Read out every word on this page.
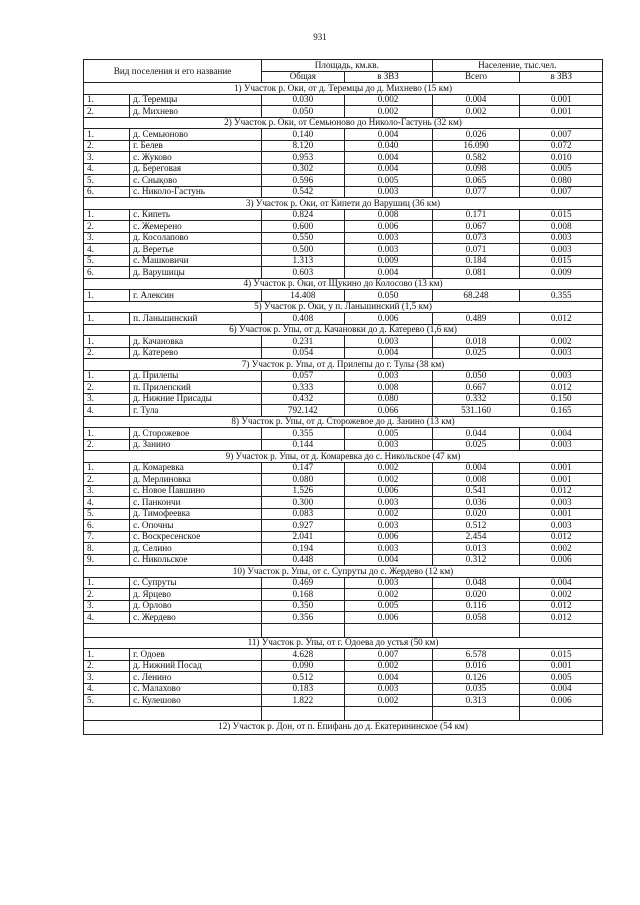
931
Вид поселения и его название		Площадь, км.кв.		Население, тыс.чел.	
		Общая	в ЗВЗ	Всего	в ЗВЗ
1) Участок р. Оки, от д. Теремцы до д. Михнево (15 км)					
1.	д. Теремцы	0.030	0.002	0.004	0.001
2.	д. Михнево	0.050	0.002	0.002	0.001
2) Участок р. Оки, от Семьюново до Николо-Гастунь (32 км)					
1.	д. Семьюново	0.140	0.004	0.026	0.007
2.	г. Белев	8.120	0.040	16.090	0.072
3.	с. Жуково	0.953	0.004	0.582	0.010
4.	д. Береговая	0.302	0.004	0.098	0.005
5.	с. Снықово	0.596	0.005	0.065	0.080
6.	с. Николо-Гастунь	0.542	0.003	0.077	0.007
3) Участок р. Оки, от Кипети до Варушиц (36 км)					
1.	с. Кипеть	0.824	0.008	0.171	0.015
2.	с. Жемерено	0.600	0.006	0.067	0.008
3.	д. Косолапово	0.550	0.003	0.073	0.003
4.	д. Веретье	0.500	0.003	0.071	0.003
5.	с. Машковичи	1.313	0.009	0.184	0.015
6.	д. Варушицы	0.603	0.004	0.081	0.009
4) Участок р. Оки, от Щукино до Колосово (13 км)					
1.	г. Алексин	14.408	0.050	68.248	0.355
5) Участок р. Оки, у п. Ланьшинский (1,5 км)					
1.	п. Ланьшинский	0.408	0.006	0.489	0.012
6) Участок р. Упы, от д. Качановки до д. Катерево (1,6 км)					
1.	д. Качановка	0.231	0.003	0.018	0.002
2.	д. Катерево	0.054	0.004	0.025	0.003
7) Участок р. Упы, от д. Прилепы до г. Тулы (38 км)					
1.	д. Прилепы	0.057	0.003	0.050	0.003
2.	п. Прилепский	0.333	0.008	0.667	0.012
3.	д. Нижние Присады	0.432	0.080	0.332	0.150
4.	г. Тула	792.142	0.066	531.160	0.165
8) Участок р. Упы, от д. Сторожевое до д. Занино (13 км)					
1.	д. Сторожевое	0.355	0.005	0.044	0.004
2.	д. Занино	0.144	0.003	0.025	0.003
9) Участок р. Упы, от д. Комаревка до с. Никольское (47 км)					
1.	д. Комаревка	0.147	0.002	0.004	0.001
2.	д. Мерлиновка	0.080	0.002	0.008	0.001
3.	с. Новое Павшино	1.526	0.006	0.541	0.012
4.	с. Панкончи	0.300	0.003	0.036	0.003
5.	д. Тимофеевка	0.083	0.002	0.020	0.001
6.	с. Опочны	0.927	0.003	0.512	0.003
7.	с. Воскресенское	2.041	0.006	2.454	0.012
8.	д. Селино	0.194	0.003	0.013	0.002
9.	с. Никольское	0.448	0.004	0.312	0.006
10) Участок р. Упы, от с. Супруты до с. Жердево (12 км)					
1.	с. Супруты	0.469	0.003	0.048	0.004
2.	д. Ярцево	0.168	0.002	0.020	0.002
3.	д. Орлово	0.350	0.005	0.116	0.012
4.	с. Жердево	0.356	0.006	0.058	0.012

11) Участок р. Упы, от г. Одоева до устья (50 км)					
1.	г. Одоев	4.628	0.007	6.578	0.015
2.	д. Нижний Посад	0.090	0.002	0.016	0.001
3.	с. Ленино	0.512	0.004	0.126	0.005
4.	с. Малахово	0.183	0.003	0.035	0.004
5.	с. Кулешово	1.822	0.002	0.313	0.006

12) Участок р. Дон, от п. Епифань до д. Екатерининское (54 км)					
